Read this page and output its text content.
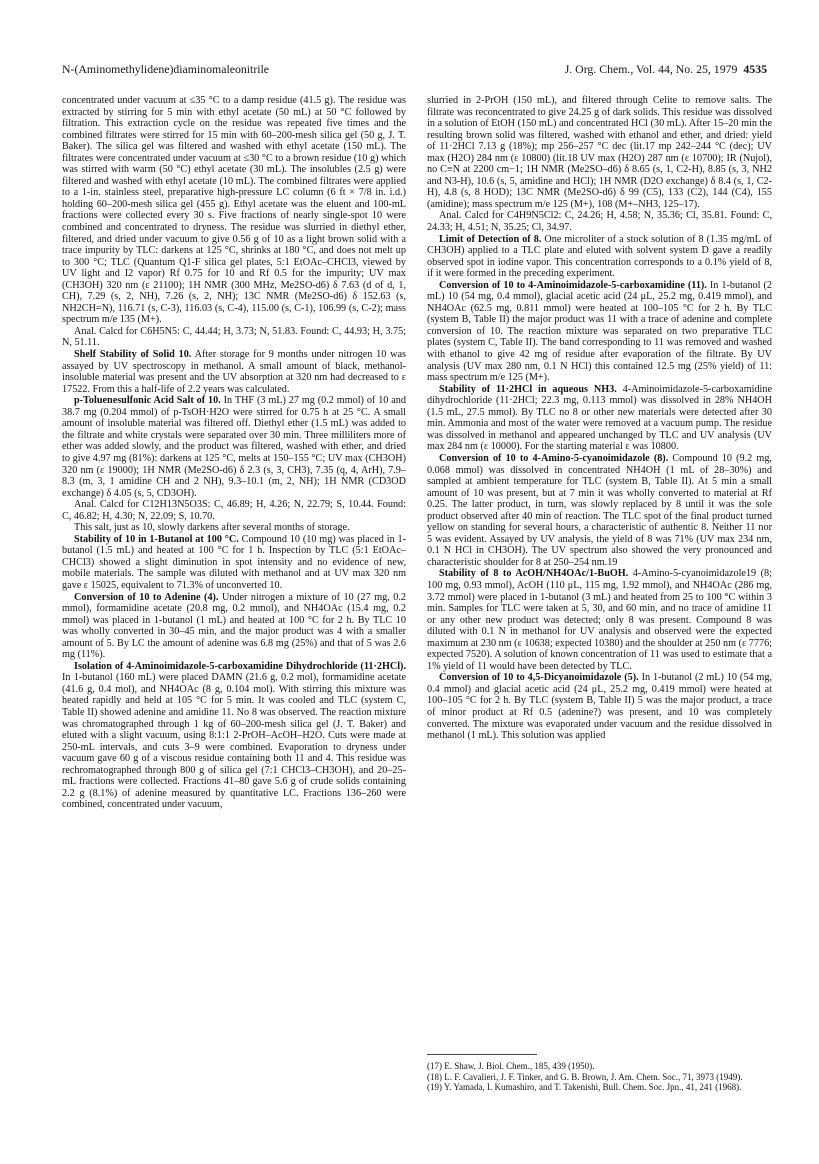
N-(Aminomethylidene)diaminomaleonitrile	J. Org. Chem., Vol. 44, No. 25, 1979 4535

concentrated under vacuum at ≤35 °C to a damp residue (41.5 g). The residue was extracted by stirring for 5 min with ethyl acetate (50 mL) at 50 °C followed by filtration. This extraction cycle on the residue was repeated five times and the combined filtrates were stirred for 15 min with 60–200-mesh silica gel (50 g, J. T. Baker). The silica gel was filtered and washed with ethyl acetate (150 mL). The filtrates were concentrated under vacuum at ≤30 °C to a brown residue (10 g) which was stirred with warm (50 °C) ethyl acetate (30 mL). The insolubles (2.5 g) were filtered and washed with ethyl acetate (10 mL). The combined filtrates were applied to a 1-in. stainless steel, preparative high-pressure LC column (6 ft × 7/8 in. i.d.) holding 60–200-mesh silica gel (455 g). Ethyl acetate was the eluent and 100-mL fractions were collected every 30 s. Five fractions of nearly single-spot 10 were combined and concentrated to dryness. The residue was slurried in diethyl ether, filtered, and dried under vacuum to give 0.56 g of 10 as a light brown solid with a trace impurity by TLC: darkens at 125 °C, shrinks at 180 °C, and does not melt up to 300 °C; TLC (Quantum Q1-F silica gel plates, 5:1 EtOAc–CHCl3, viewed by UV light and I2 vapor) Rf 0.75 for 10 and Rf 0.5 for the impurity; UV max (CH3OH) 320 nm (ε 21100); 1H NMR (300 MHz, Me2SO-d6) δ 7.63 (d of d, 1, CH), 7.29 (s, 2, NH), 7.26 (s, 2, NH); 13C NMR (Me2SO-d6) δ 152.63 (s, NH2CH=N), 116.71 (s, C-3), 116.03 (s, C-4), 115.00 (s, C-1), 106.99 (s, C-2); mass spectrum m/e 135 (M+).

Anal. Calcd for C6H5N5: C, 44.44; H, 3.73; N, 51.83. Found: C, 44.93; H, 3.75; N, 51.11.

Shelf Stability of Solid 10. After storage for 9 months under nitrogen 10 was assayed by UV spectroscopy in methanol. A small amount of black, methanol-insoluble material was present and the UV absorption at 320 nm had decreased to ε 17522. From this a half-life of 2.2 years was calculated.

p-Toluenesulfonic Acid Salt of 10. In THF (3 mL) 27 mg (0.2 mmol) of 10 and 38.7 mg (0.204 mmol) of p-TsOH·H2O were stirred for 0.75 h at 25 °C. A small amount of insoluble material was filtered off. Diethyl ether (1.5 mL) was added to the filtrate and white crystals were separated over 30 min. Three milliliters more of ether was added slowly, and the product was filtered, washed with ether, and dried to give 4.97 mg (81%): darkens at 125 °C, melts at 150–155 °C; UV max (CH3OH) 320 nm (ε 19000); 1H NMR (Me2SO-d6) δ 2.3 (s, 3, CH3), 7.35 (q, 4, ArH), 7.9–8.3 (m, 3, 1 amidine CH and 2 NH), 9.3–10.1 (m, 2, NH); 1H NMR (CD3OD exchange) δ 4.05 (s, 5, CD3OH).

Anal. Calcd for C12H13N5O3S: C, 46.89; H, 4.26; N, 22.79; S, 10.44. Found: C, 46.82; H, 4.30; N, 22.09; S, 10.70.

This salt, just as 10, slowly darkens after several months of storage.

Stability of 10 in 1-Butanol at 100 °C. Compound 10 (10 mg) was placed in 1-butanol (1.5 mL) and heated at 100 °C for 1 h. Inspection by TLC (5:1 EtOAc–CHCl3) showed a slight diminution in spot intensity and no evidence of new, mobile materials. The sample was diluted with methanol and at UV max 320 nm gave ε 15025, equivalent to 71.3% of unconverted 10.

Conversion of 10 to Adenine (4). Under nitrogen a mixture of 10 (27 mg, 0.2 mmol), formamidine acetate (20.8 mg, 0.2 mmol), and NH4OAc (15.4 mg, 0.2 mmol) was placed in 1-butanol (1 mL) and heated at 100 °C for 2 h. By TLC 10 was wholly converted in 30–45 min, and the major product was 4 with a smaller amount of 5. By LC the amount of adenine was 6.8 mg (25%) and that of 5 was 2.6 mg (11%).

Isolation of 4-Aminoimidazole-5-carboxamidine Dihydrochloride (11·2HCl). In 1-butanol (160 mL) were placed DAMN (21.6 g, 0.2 mol), formamidine acetate (41.6 g, 0.4 mol), and NH4OAc (8 g, 0.104 mol). With stirring this mixture was heated rapidly and held at 105 °C for 5 min. It was cooled and TLC (system C, Table II) showed adenine and amidine 11. No 8 was observed. The reaction mixture was chromatographed through 1 kg of 60–200-mesh silica gel (J. T. Baker) and eluted with a slight vacuum, using 8:1:1 2-PrOH–AcOH–H2O. Cuts were made at 250-mL intervals, and cuts 3–9 were combined. Evaporation to dryness under vacuum gave 60 g of a viscous residue containing both 11 and 4. This residue was rechromatographed through 800 g of silica gel (7:1 CHCl3–CH3OH), and 20–25-mL fractions were collected. Fractions 41–80 gave 5.6 g of crude solids containing 2.2 g (8.1%) of adenine measured by quantitative LC. Fractions 136–260 were combined, concentrated under vacuum,

slurried in 2-PrOH (150 mL), and filtered through Celite to remove salts. The filtrate was reconcentrated to give 24.25 g of dark solids. This residue was dissolved in a solution of EtOH (150 mL) and concentrated HCl (30 mL). After 15–20 min the resulting brown solid was filtered, washed with ethanol and ether, and dried: yield of 11·2HCl 7.13 g (18%); mp 256–257 °C dec (lit.17 mp 242–244 °C (dec); UV max (H2O) 284 nm (ε 10800) (lit.18 UV max (H2O) 287 nm (ε 10700); IR (Nujol), no C≡N at 2200 cm−1; 1H NMR (Me2SO–d6) δ 8.65 (s, 1, C2-H), 8.85 (s, 3, NH2 and N3-H), 10.6 (s, 5, amidine and HCl); 1H NMR (D2O exchange) δ 8.4 (s, 1, C2-H), 4.8 (s, 8 HOD); 13C NMR (Me2SO-d6) δ 99 (C5), 133 (C2), 144 (C4), 155 (amidine); mass spectrum m/e 125 (M+), 108 (M+–NH3, 125–17).

Anal. Calcd for C4H9N5Cl2: C, 24.26; H, 4.58; N, 35.36; Cl, 35.81. Found: C, 24.33; H, 4.51; N, 35.25; Cl, 34.97.

Limit of Detection of 8. One microliter of a stock solution of 8 (1.35 mg/mL of CH3OH) applied to a TLC plate and eluted with solvent system D gave a readily observed spot in iodine vapor. This concentration corresponds to a 0.1% yield of 8, if it were formed in the preceding experiment.

Conversion of 10 to 4-Aminoimidazole-5-carboxamidine (11). In 1-butanol (2 mL) 10 (54 mg, 0.4 mmol), glacial acetic acid (24 μL, 25.2 mg, 0.419 mmol), and NH4OAc (62.5 mg, 0.811 mmol) were heated at 100–105 °C for 2 h. By TLC (system B, Table II) the major product was 11 with a trace of adenine and complete conversion of 10. The reaction mixture was separated on two preparative TLC plates (system C, Table II). The band corresponding to 11 was removed and washed with ethanol to give 42 mg of residue after evaporation of the filtrate. By UV analysis (UV max 280 nm, 0.1 N HCl) this contained 12.5 mg (25% yield) of 11: mass spectrum m/e 125 (M+).

Stability of 11·2HCl in aqueous NH3. 4-Aminoimidazole-5-carboxamidine dihydrochloride (11·2HCl; 22.3 mg, 0.113 mmol) was dissolved in 28% NH4OH (1.5 mL, 27.5 mmol). By TLC no 8 or other new materials were detected after 30 min. Ammonia and most of the water were removed at a vacuum pump. The residue was dissolved in methanol and appeared unchanged by TLC and UV analysis (UV max 284 nm (ε 10000). For the starting material ε was 10800.

Conversion of 10 to 4-Amino-5-cyanoimidazole (8). Compound 10 (9.2 mg, 0.068 mmol) was dissolved in concentrated NH4OH (1 mL of 28–30%) and sampled at ambient temperature for TLC (system B, Table II). At 5 min a small amount of 10 was present, but at 7 min it was wholly converted to material at Rf 0.25. The latter product, in turn, was slowly replaced by 8 until it was the sole product observed after 40 min of reaction. The TLC spot of the final product turned yellow on standing for several hours, a characteristic of authentic 8. Neither 11 nor 5 was evident. Assayed by UV analysis, the yield of 8 was 71% (UV max 234 nm, 0.1 N HCl in CH3OH). The UV spectrum also showed the very pronounced and characteristic shoulder for 8 at 250–254 nm.19

Stability of 8 to AcOH/NH4OAc/1-BuOH. 4-Amino-5-cyanoimidazole19 (8; 100 mg, 0.93 mmol), AcOH (110 μL, 115 mg, 1.92 mmol), and NH4OAc (286 mg, 3.72 mmol) were placed in 1-butanol (3 mL) and heated from 25 to 100 °C within 3 min. Samples for TLC were taken at 5, 30, and 60 min, and no trace of amidine 11 or any other new product was detected; only 8 was present. Compound 8 was diluted with 0.1 N in methanol for UV analysis and observed were the expected maximum at 230 nm (ε 10638; expected 10380) and the shoulder at 250 nm (ε 7776; expected 7520). A solution of known concentration of 11 was used to estimate that a 1% yield of 11 would have been detected by TLC.

Conversion of 10 to 4,5-Dicyanoimidazole (5). In 1-butanol (2 mL) 10 (54 mg, 0.4 mmol) and glacial acetic acid (24 μL, 25.2 mg, 0.419 mmol) were heated at 100–105 °C for 2 h. By TLC (system B, Table II) 5 was the major product, a trace of minor product at Rf 0.5 (adenine?) was present, and 10 was completely converted. The mixture was evaporated under vacuum and the residue dissolved in methanol (1 mL). This solution was applied

(17) E. Shaw, J. Biol. Chem., 185, 439 (1950).

(18) L. F. Cavalieri, J. F. Tinker, and G. B. Brown, J. Am. Chem. Soc., 71, 3973 (1949).

(19) Y. Yamada, I. Kumashiro, and T. Takenishi, Bull. Chem. Soc. Jpn., 41, 241 (1968).
